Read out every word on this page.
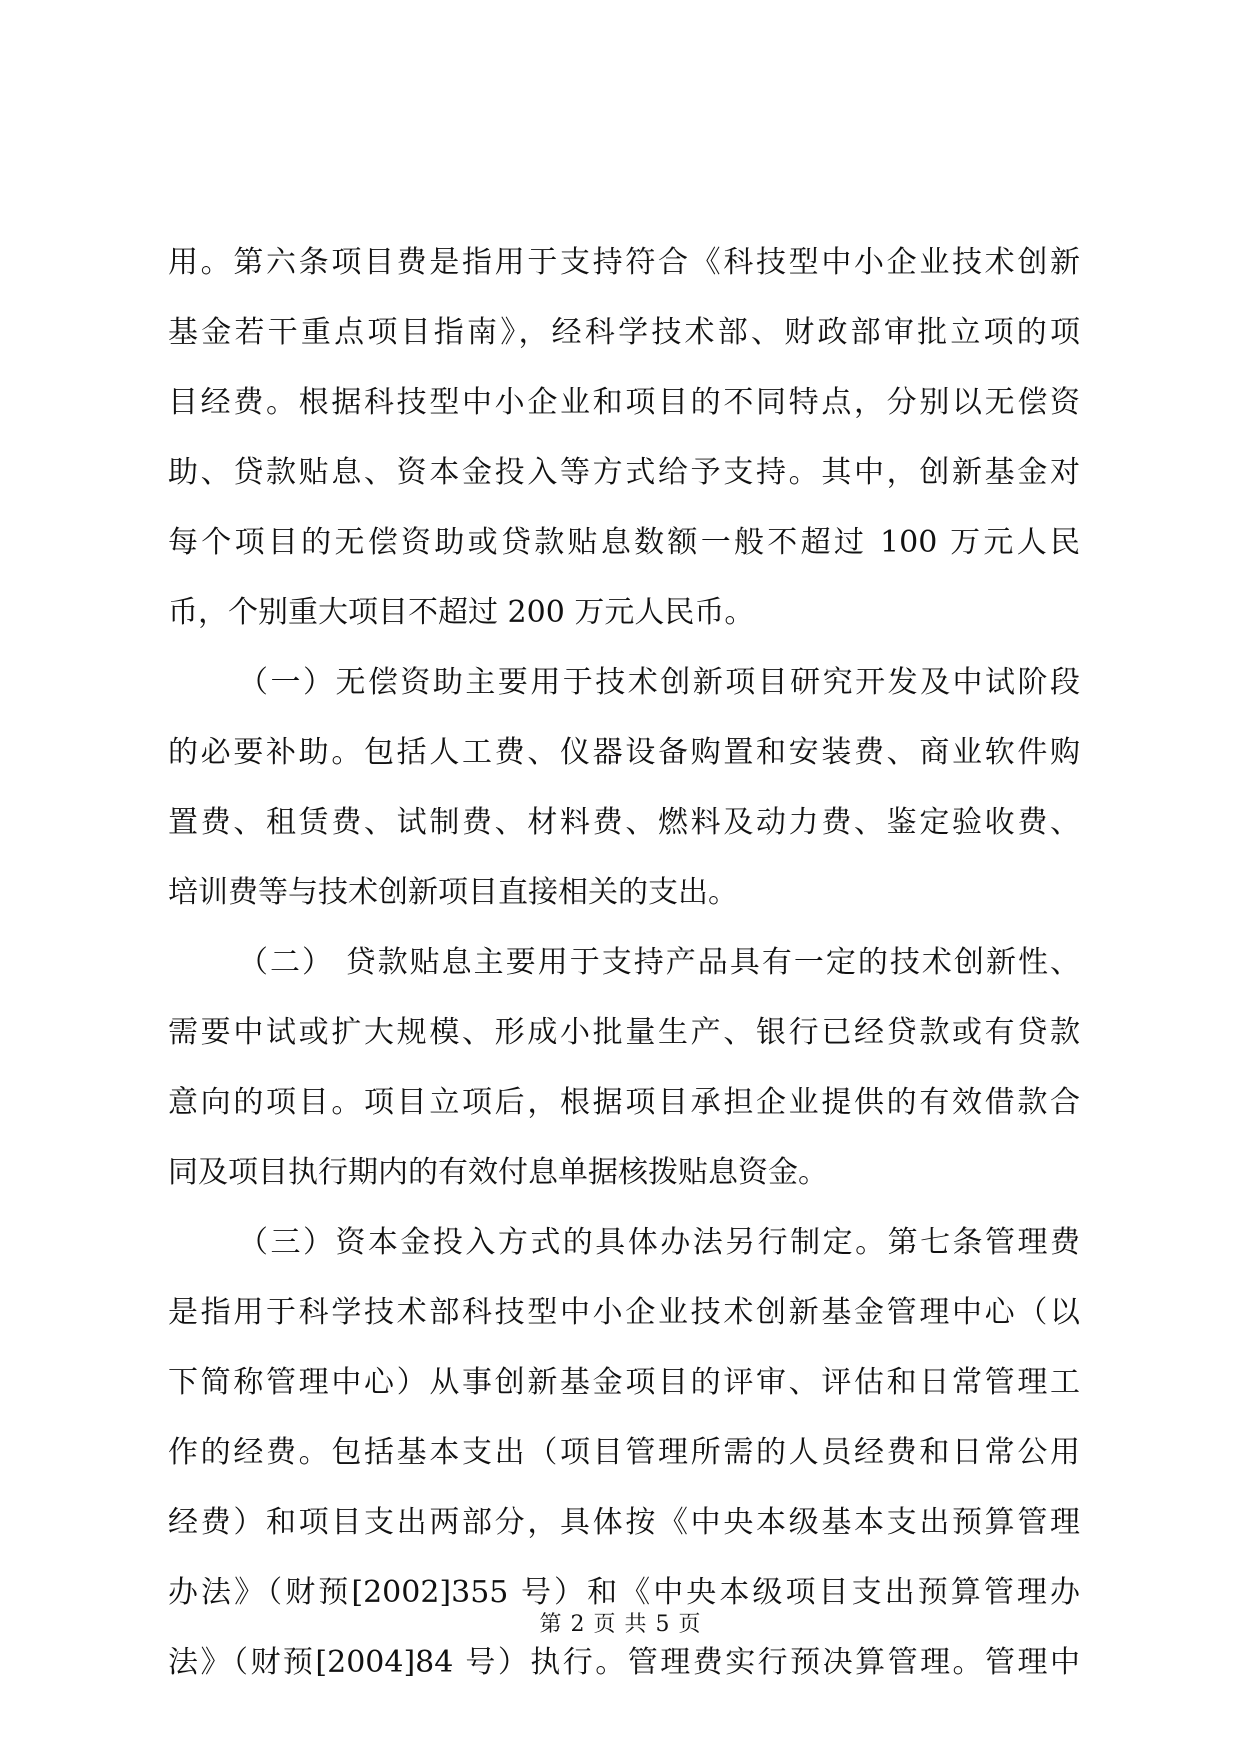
用。第六条项目费是指用于支持符合《科技型中小企业技术创新
基金若干重点项目指南》，经科学技术部、财政部审批立项的项
目经费。根据科技型中小企业和项目的不同特点，分别以无偿资
助、贷款贴息、资本金投入等方式给予支持。其中，创新基金对
每个项目的无偿资助或贷款贴息数额一般不超过 100 万元人民
币，个别重大项目不超过 200 万元人民币。
（一）无偿资助主要用于技术创新项目研究开发及中试阶段
的必要补助。包括人工费、仪器设备购置和安装费、商业软件购
置费、租赁费、试制费、材料费、燃料及动力费、鉴定验收费、
培训费等与技术创新项目直接相关的支出。
（二） 贷款贴息主要用于支持产品具有一定的技术创新性、
需要中试或扩大规模、形成小批量生产、银行已经贷款或有贷款
意向的项目。项目立项后，根据项目承担企业提供的有效借款合
同及项目执行期内的有效付息单据核拨贴息资金。
（三）资本金投入方式的具体办法另行制定。第七条管理费
是指用于科学技术部科技型中小企业技术创新基金管理中心（以
下简称管理中心）从事创新基金项目的评审、评估和日常管理工
作的经费。包括基本支出（项目管理所需的人员经费和日常公用
经费）和项目支出两部分，具体按《中央本级基本支出预算管理
办法》（财预[2002]355 号）和《中央本级项目支出预算管理办
法》（财预[2004]84 号）执行。管理费实行预决算管理。管理中
第 2 页 共 5 页
